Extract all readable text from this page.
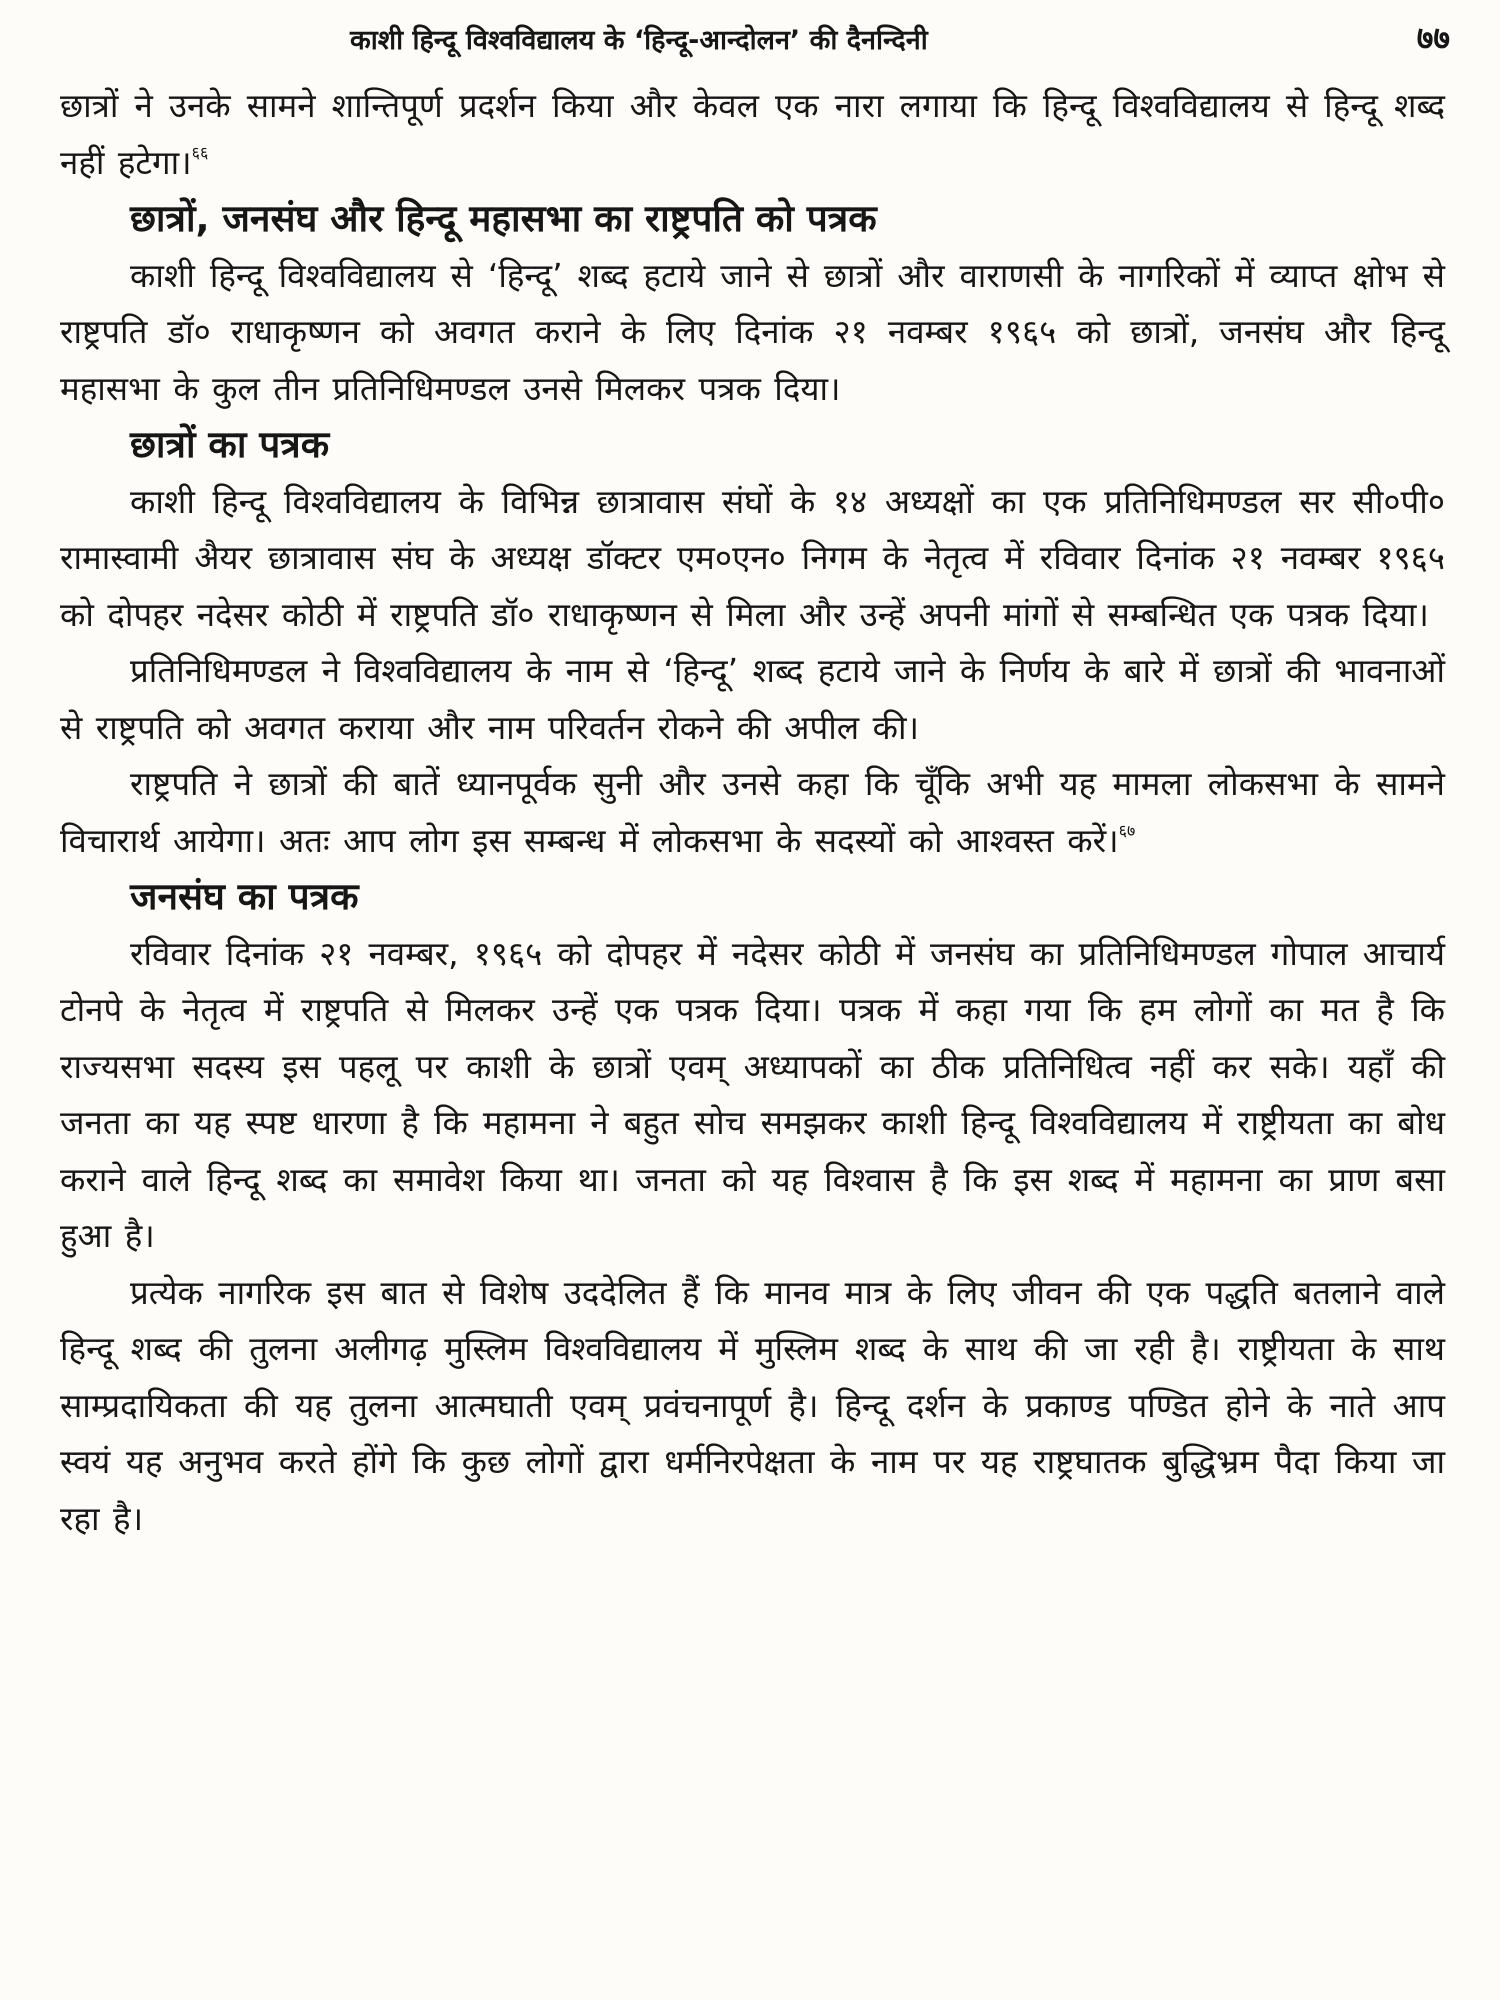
काशी हिन्दू विश्वविद्यालय के ‘हिन्दू-आन्दोलन’ की दैनन्दिनी	७७

छात्रों ने उनके सामने शान्तिपूर्ण प्रदर्शन किया और केवल एक नारा लगाया कि हिन्दू विश्वविद्यालय से हिन्दू शब्द नहीं हटेगा।$^{६६}$

छात्रों, जनसंघ और हिन्दू महासभा का राष्ट्रपति को पत्रक

काशी हिन्दू विश्वविद्यालय से ‘हिन्दू’ शब्द हटाये जाने से छात्रों और वाराणसी के नागरिकों में व्याप्त क्षोभ से राष्ट्रपति डॉ० राधाकृष्णन को अवगत कराने के लिए दिनांक २१ नवम्बर १९६५ को छात्रों, जनसंघ और हिन्दू महासभा के कुल तीन प्रतिनिधिमण्डल उनसे मिलकर पत्रक दिया।

छात्रों का पत्रक

काशी हिन्दू विश्वविद्यालय के विभिन्न छात्रावास संघों के १४ अध्यक्षों का एक प्रतिनिधिमण्डल सर सी०पी० रामास्वामी अैयर छात्रावास संघ के अध्यक्ष डॉक्टर एम०एन० निगम के नेतृत्व में रविवार दिनांक २१ नवम्बर १९६५ को दोपहर नदेसर कोठी में राष्ट्रपति डॉ० राधाकृष्णन से मिला और उन्हें अपनी मांगों से सम्बन्धित एक पत्रक दिया।

प्रतिनिधिमण्डल ने विश्वविद्यालय के नाम से ‘हिन्दू’ शब्द हटाये जाने के निर्णय के बारे में छात्रों की भावनाओं से राष्ट्रपति को अवगत कराया और नाम परिवर्तन रोकने की अपील की।

राष्ट्रपति ने छात्रों की बातें ध्यानपूर्वक सुनी और उनसे कहा कि चूँकि अभी यह मामला लोकसभा के सामने विचारार्थ आयेगा। अतः आप लोग इस सम्बन्ध में लोकसभा के सदस्यों को आश्वस्त करें।$^{६७}$

जनसंघ का पत्रक

रविवार दिनांक २१ नवम्बर, १९६५ को दोपहर में नदेसर कोठी में जनसंघ का प्रतिनिधिमण्डल गोपाल आचार्य टोनपे के नेतृत्व में राष्ट्रपति से मिलकर उन्हें एक पत्रक दिया। पत्रक में कहा गया कि हम लोगों का मत है कि राज्यसभा सदस्य इस पहलू पर काशी के छात्रों एवम् अध्यापकों का ठीक प्रतिनिधित्व नहीं कर सके। यहाँ की जनता का यह स्पष्ट धारणा है कि महामना ने बहुत सोच समझकर काशी हिन्दू विश्वविद्यालय में राष्ट्रीयता का बोध कराने वाले हिन्दू शब्द का समावेश किया था। जनता को यह विश्वास है कि इस शब्द में महामना का प्राण बसा हुआ है।

प्रत्येक नागरिक इस बात से विशेष उददेलित हैं कि मानव मात्र के लिए जीवन की एक पद्धति बतलाने वाले हिन्दू शब्द की तुलना अलीगढ़ मुस्लिम विश्वविद्यालय में मुस्लिम शब्द के साथ की जा रही है। राष्ट्रीयता के साथ साम्प्रदायिकता की यह तुलना आत्मघाती एवम् प्रवंचनापूर्ण है। हिन्दू दर्शन के प्रकाण्ड पण्डित होने के नाते आप स्वयं यह अनुभव करते होंगे कि कुछ लोगों द्वारा धर्मनिरपेक्षता के नाम पर यह राष्ट्रघातक बुद्धिभ्रम पैदा किया जा रहा है।
